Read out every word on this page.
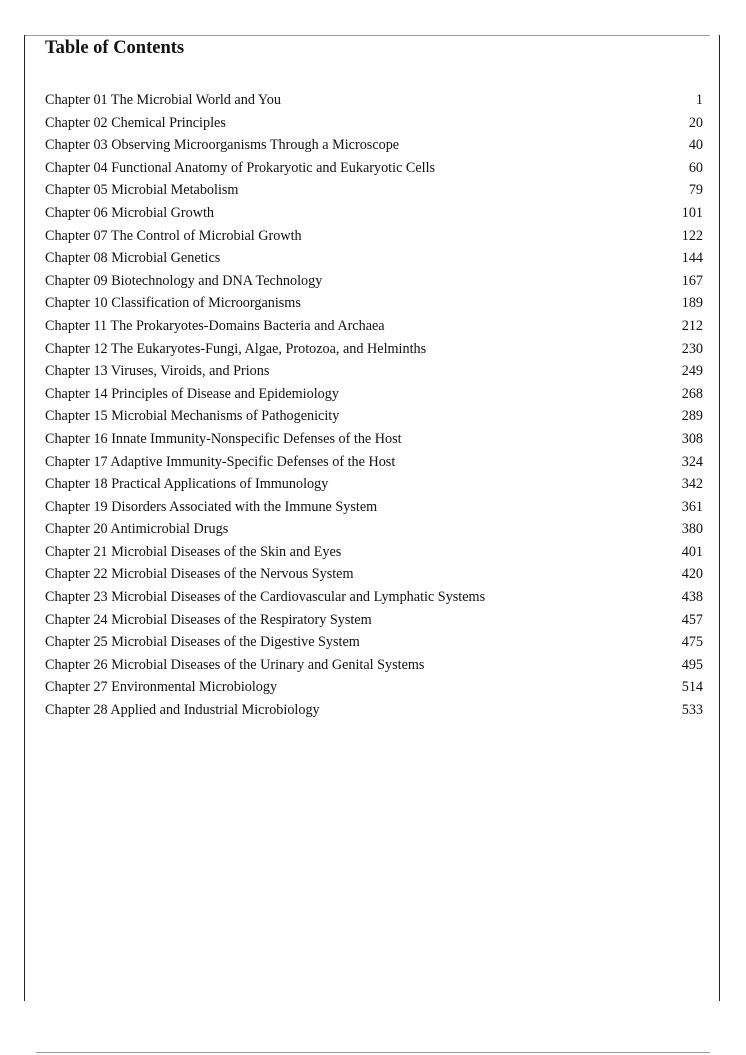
Table of Contents
Chapter 01 The Microbial World and You	1
Chapter 02 Chemical Principles	20
Chapter 03 Observing Microorganisms Through a Microscope	40
Chapter 04 Functional Anatomy of Prokaryotic and Eukaryotic Cells	60
Chapter 05 Microbial Metabolism	79
Chapter 06 Microbial Growth	101
Chapter 07 The Control of Microbial Growth	122
Chapter 08 Microbial Genetics	144
Chapter 09 Biotechnology and DNA Technology	167
Chapter 10 Classification of Microorganisms	189
Chapter 11 The Prokaryotes-Domains Bacteria and Archaea	212
Chapter 12 The Eukaryotes-Fungi, Algae, Protozoa, and Helminths	230
Chapter 13 Viruses, Viroids, and Prions	249
Chapter 14 Principles of Disease and Epidemiology	268
Chapter 15 Microbial Mechanisms of Pathogenicity	289
Chapter 16 Innate Immunity-Nonspecific Defenses of the Host	308
Chapter 17 Adaptive Immunity-Specific Defenses of the Host	324
Chapter 18 Practical Applications of Immunology	342
Chapter 19 Disorders Associated with the Immune System	361
Chapter 20 Antimicrobial Drugs	380
Chapter 21 Microbial Diseases of the Skin and Eyes	401
Chapter 22 Microbial Diseases of the Nervous System	420
Chapter 23 Microbial Diseases of the Cardiovascular and Lymphatic Systems	438
Chapter 24 Microbial Diseases of the Respiratory System	457
Chapter 25 Microbial Diseases of the Digestive System	475
Chapter 26 Microbial Diseases of the Urinary and Genital Systems	495
Chapter 27 Environmental Microbiology	514
Chapter 28 Applied and Industrial Microbiology	533
